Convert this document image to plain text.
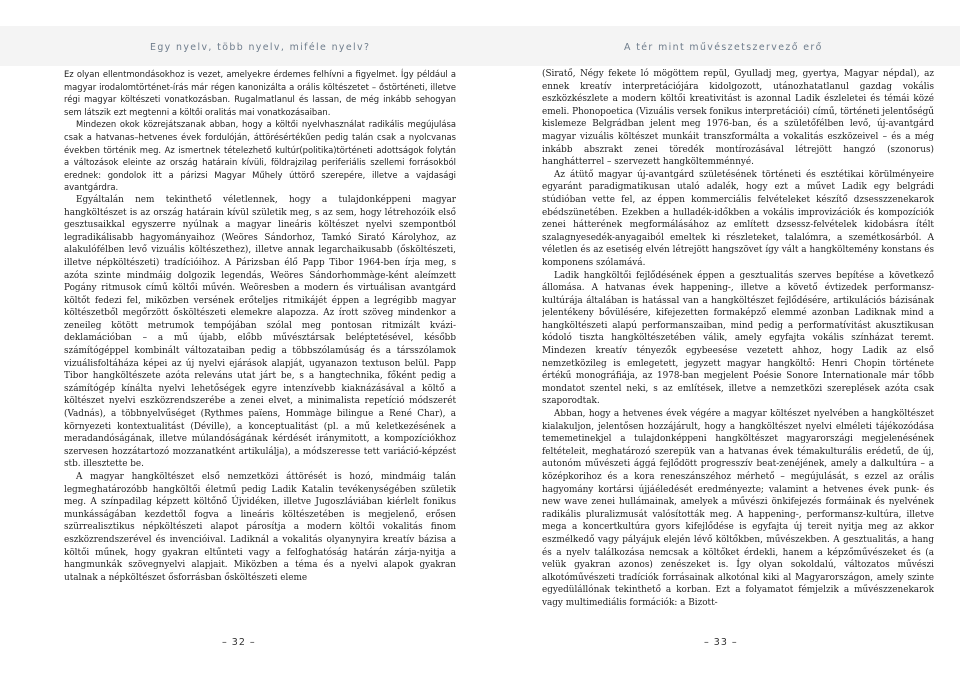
Egy nyelv, több nyelv, miféle nyelv?

Ez olyan ellentmondásokhoz is vezet, amelyekre érdemes felhívni a figyelmet. Így például a magyar irodalomtörténet-írás már régen kanonizálta a orális költészetet – őstörténeti, illetve régi magyar költészeti vonatkozásban. Rugalmatlanul és lassan, de még inkább sehogyan sem látszik ezt megtenni a költői oralitás mai vonatkozásaiban.

Mindezen okok közrejátszanak abban, hogy a költői nyelvhasználat radikális megújulása csak a hatvanas–hetvenes évek fordulóján, áttörésértékűen pedig talán csak a nyolcvanas években történik meg. Az ismertnek tételezhető kultúr(politika)történeti adottságok folytán a változások eleinte az ország határain kívüli, földrajzilag periferiális szellemi forrásokból erednek: gondolok itt a párizsi Magyar Műhely úttörő szerepére, illetve a vajdasági avantgárdra.

Egyáltalán nem tekinthető véletlennek, hogy a tulajdonképpeni magyar hangköltészet is az ország határain kívül születik meg, s az sem, hogy létrehozóik első gesztusaikkal egyszerre nyúlnak a magyar lineáris költészet nyelvi szempontból legradikálisabb hagyományaihoz (Weöres Sándorhoz, Tamkó Sirató Károlyhoz, az alakulófélben levő vizuális költészethez), illetve annak legarchaikusabb (ősköltészeti, illetve népköltészeti) tradícióihoz. A Párizsban élő Papp Tibor 1964-ben írja meg, s azóta szinte mindmáig dolgozik legendás, Weöres Sándorhommàge-ként aleímzett Pogány ritmusok című költői művén. Weöresben a modern és virtuálisan avantgárd költőt fedezi fel, miközben versének erőteljes ritmikájét éppen a legrégibb magyar költészetből megőrzött ősköltészeti elemekre alapozza. Az írott szöveg mindenkor a zeneileg kötött metrumok tempójában szólal meg pontosan ritmizált kvázi-deklamációban – a mű újabb, előbb művésztársak beléptetésével, később számítógéppel kombinált változataiban pedig a többszólamúság és a társszólamok vizuálisfoltáháza képei az új nyelvi ejárások alapját, ugyanazon textuson belül. Papp Tibor hangköltészete azóta releváns utat járt be, s a hangtechnika, főként pedig a számítógép kínálta nyelvi lehetőségek egyre intenzívebb kiaknázásával a költő a költészet nyelvi eszközrendszerébe a zenei elvet, a minimalista repetíció módszerét (Vadnás), a többnyelvűséget (Rythmes païens, Hommàge bilingue a René Char), a környezeti kontextualitást (Déville), a konceptualitást (pl. a mű keletkezésének a meradandóságának, illetve múlandóságának kérdését iránymitott, a kompozíciókhoz szervesen hozzátartozó mozzanatként artikulálja), a módszeresse tett variáció-képzést stb. illesztette be.

A magyar hangköltészet első nemzetközi áttörését is hozó, mindmáig talán legmeghatározóbb hangköltői életmű pedig Ladik Katalin tevékenységében születik meg. A színpadilag képzett költőnő Újvidéken, illetve Jugoszláviában kiérlelt fonikus munkásságában kezdettől fogva a lineáris költészetében is megjelenő, erősen szürrealisztikus népköltészeti alapot párosítja a modern költői vokalitás finom eszközrendszerével és invencióival. Ladiknál a vokalitás olyanynyira kreatív bázisa a költői műnek, hogy gyakran eltűnteti vagy a felfoghatóság határán zárja-nyitja a hangmunkák szövegnyelvi alapjait. Miközben a téma és a nyelvi alapok gyakran utalnak a népköltészet ősforrásban ősköltészeti eleme

– 32 –
A tér mint művészetszervező erő

(Siratő, Négy fekete ló mögöttem repül, Gyulladj meg, gyertya, Magyar népdal), az ennek kreatív interpretációjára kidolgozott, utánozhatatlanul gazdag vokális eszközkészlete a modern költői kreativitást is azonnal Ladik észleletei és témái közé emeli. Phonopoetica (Vizuális versek fonikus interpretációi) című, történeti jelentőségű kislemeze Belgrádban jelent meg 1976-ban, és a születőfélben levő, új-avantgárd magyar vizuális költészet munkáit transzformálta a vokalitás eszközeivel – és a még inkább abszrakt zenei töredék montírozásával létrejött hangzó (szonorus) hanghátterrel – szervezett hangköltemménnyé.

Az átütő magyar új-avantgárd születésének történeti és esztétikai körülményeire egyaránt paradigmatikusan utaló adalék, hogy ezt a művet Ladik egy belgrádi stúdióban vette fel, az éppen kommerciális felvételeket készítő dzsesszzenekarok ebédszünetében. Ezekben a hulladék-időkben a vokális improvizációk és kompozíciók zenei hátterének megformálásához az említett dzsessz-felvételek kidobásra ítélt szalagnyesedék-anyagaiból emeltek ki részleteket, talalómra, a szemétkosárból. A véletlen és az esetiség elvén létrejött hangszövet így vált a hangköltemény konstans és komponens szólamává.

Ladik hangköltői fejlődésének éppen a gesztualitás szerves bepítése a következő állomása. A hatvanas évek happening-, illetve a követő évtizedek performansz-kultúrája általában is hatással van a hangköltészet fejlődésére, artikulációs bázisának jelentékeny bővülésére, kifejezetten formaképző elemmé azonban Ladiknak mind a hangköltészeti alapú performanszaiban, mind pedig a performatívitást akusztikusan kódoló tiszta hangköltészetében válik, amely egyfajta vokális színházat teremt. Mindezen kreatív tényezők egybeesése vezetett ahhoz, hogy Ladik az első nemzetközileg is emlegetett, jegyzett magyar hangköltő: Henri Chopin története értékű monográfiája, az 1978-ban megjelent Poésie Sonore Internationale már tőbb mondatot szentel neki, s az említések, illetve a nemzetközi szereplések azóta csak szaporodtak.

Abban, hogy a hetvenes évek végére a magyar költészet nyelvében a hangköltészet kialakuljon, jelentősen hozzájárult, hogy a hangköltészet nyelvi elméleti tájékozódása tememetinekjel a tulajdonképpeni hangköltészet magyarországi megjelenésének feltételeit, meghatározó szerepük van a hatvanas évek témakulturális erédetű, de új, autonóm művészeti ággá fejlődött progresszív beat-zenéjének, amely a dalkultúra – a középkorihoz és a kora reneszánszéhoz mérhető – megújulását, s ezzel az orális hagyomány kortársi újjáéledését eredményezte; valamint a hetvenes évek punk- és new wave zenei hullámainak, amelyek a művészi önkifejezés formáinak és nyelvének radikális pluralizmusát valósították meg. A happening-, performansz-kultúra, illetve mega a koncertkultúra gyors kifejlődése is egyfajta új tereit nyitja meg az akkor eszmélkedő vagy pályájuk elején lévő költőkben, művészekben. A gesztualitás, a hang és a nyelv találkozása nemcsak a költőket érdekli, hanem a képzőművészeket és (a velük gyakran azonos) zenészeket is. Így olyan sokoldalú, változatos művészi alkotóművészeti tradíciók forrásainak alkotónal kiki al Magyarországon, amely szinte egyedülállónak tekinthető a korban. Ezt a folyamatot fémjelzik a művészzenekarok vagy multimediális formációk: a Bizott-

– 33 –
